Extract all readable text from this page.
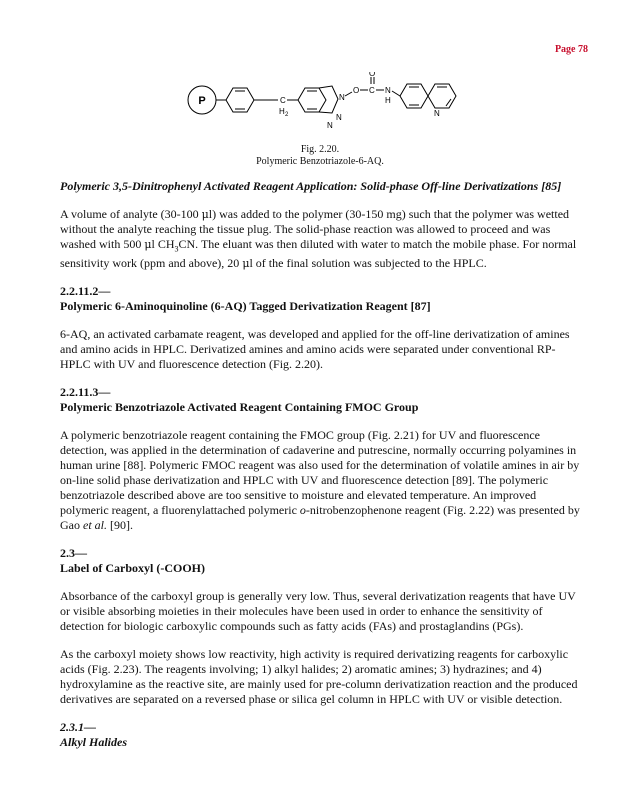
Page 78
P	C
H 2
N
N
N
O C
O
N
H
N
Fig. 2.20.
Polymeric Benzotriazole-6-AQ.

Polymeric 3,5-Dinitrophenyl Activated Reagent Application: Solid-phase Off-line Derivatizations [85]

A volume of analyte (30-100 μl) was added to the polymer (30-150 mg) such that the polymer was wetted without the analyte reaching the tissue plug. The solid-phase reaction was allowed to proceed and was washed with 500 μl $CH_3CN$. The eluant was then diluted with water to match the mobile phase. For normal sensitivity work (ppm and above), 20 μl of the final solution was subjected to the HPLC.

2.2.11.2—
Polymeric 6-Aminoquinoline (6-AQ) Tagged Derivatization Reagent [87]

6-AQ, an activated carbamate reagent, was developed and applied for the off-line derivatization of amines and amino acids in HPLC. Derivatized amines and amino acids were separated under conventional RP-HPLC with UV and fluorescence detection (Fig. 2.20).

2.2.11.3—
Polymeric Benzotriazole Activated Reagent Containing FMOC Group

A polymeric benzotriazole reagent containing the FMOC group (Fig. 2.21) for UV and fluorescence detection, was applied in the determination of cadaverine and putrescine, normally occurring polyamines in human urine [88]. Polymeric FMOC reagent was also used for the determination of volatile amines in air by on-line solid phase derivatization and HPLC with UV and fluorescence detection [89]. The polymeric benzotriazole described above are too sensitive to moisture and elevated temperature. An improved polymeric reagent, a fluorenylattached polymeric o-nitrobenzophenone reagent (Fig. 2.22) was presented by Gao et al. [90].

2.3—
Label of Carboxyl (-COOH)

Absorbance of the carboxyl group is generally very low. Thus, several derivatization reagents that have UV or visible absorbing moieties in their molecules have been used in order to enhance the sensitivity of detection for biologic carboxylic compounds such as fatty acids (FAs) and prostaglandins (PGs).

As the carboxyl moiety shows low reactivity, high activity is required derivatizing reagents for carboxylic acids (Fig. 2.23). The reagents involving; 1) alkyl halides; 2) aromatic amines; 3) hydrazines; and 4) hydroxylamine as the reactive site, are mainly used for pre-column derivatization reaction and the produced derivatives are separated on a reversed phase or silica gel column in HPLC with UV or visible detection.

2.3.1—
Alkyl Halides
